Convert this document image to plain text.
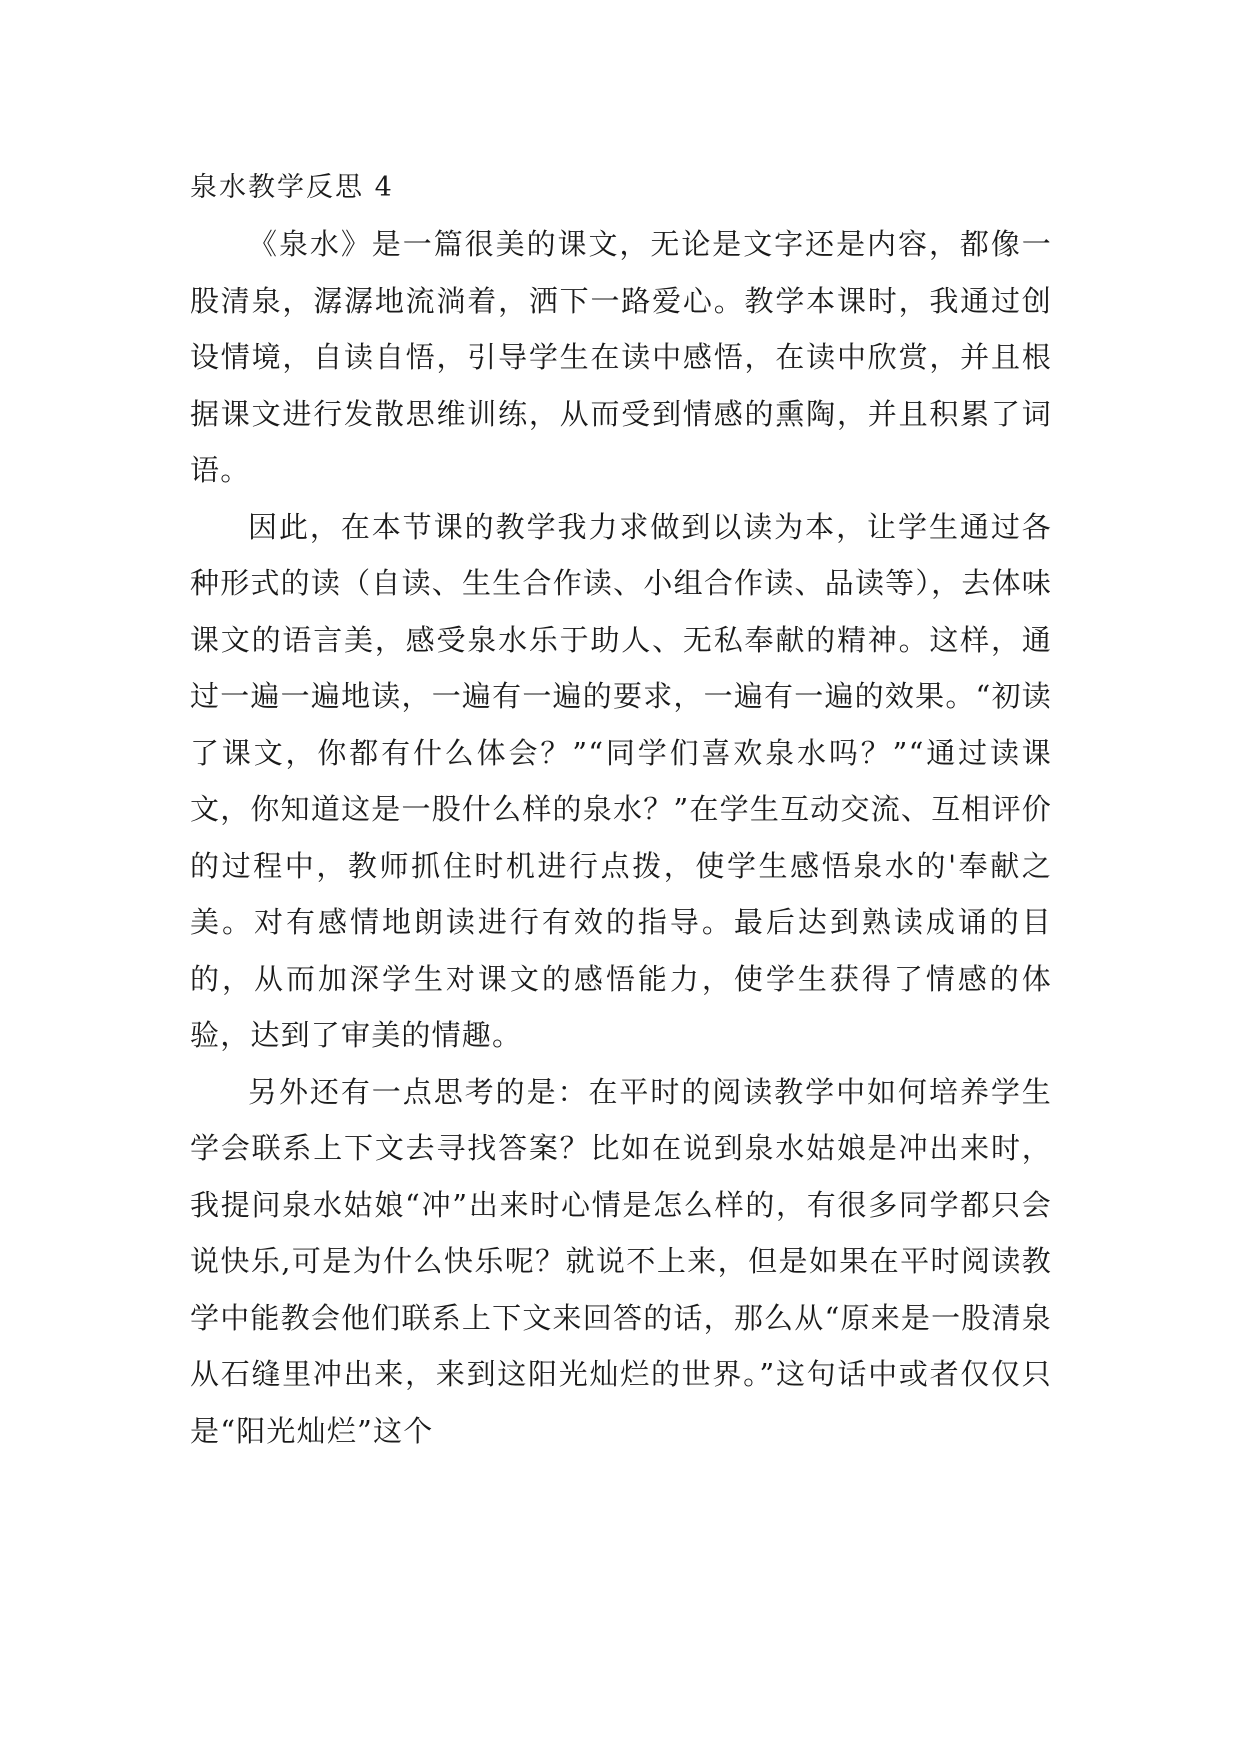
泉水教学反思 4

《泉水》是一篇很美的课文，无论是文字还是内容，都像一股清泉，潺潺地流淌着，洒下一路爱心。教学本课时，我通过创设情境，自读自悟，引导学生在读中感悟，在读中欣赏，并且根据课文进行发散思维训练，从而受到情感的熏陶，并且积累了词语。

因此，在本节课的教学我力求做到以读为本，让学生通过各种形式的读（自读、生生合作读、小组合作读、品读等），去体味课文的语言美，感受泉水乐于助人、无私奉献的精神。这样，通过一遍一遍地读，一遍有一遍的要求，一遍有一遍的效果。“初读了课文，你都有什么体会？”“同学们喜欢泉水吗？”“通过读课文，你知道这是一股什么样的泉水？”在学生互动交流、互相评价的过程中，教师抓住时机进行点拨，使学生感悟泉水的'奉献之美。对有感情地朗读进行有效的指导。最后达到熟读成诵的目的，从而加深学生对课文的感悟能力，使学生获得了情感的体验，达到了审美的情趣。

另外还有一点思考的是：在平时的阅读教学中如何培养学生学会联系上下文去寻找答案？比如在说到泉水姑娘是冲出来时，我提问泉水姑娘“冲”出来时心情是怎么样的，有很多同学都只会说快乐,可是为什么快乐呢？就说不上来，但是如果在平时阅读教学中能教会他们联系上下文来回答的话，那么从“原来是一股清泉从石缝里冲出来，来到这阳光灿烂的世界。”这句话中或者仅仅只是“阳光灿烂”这个
